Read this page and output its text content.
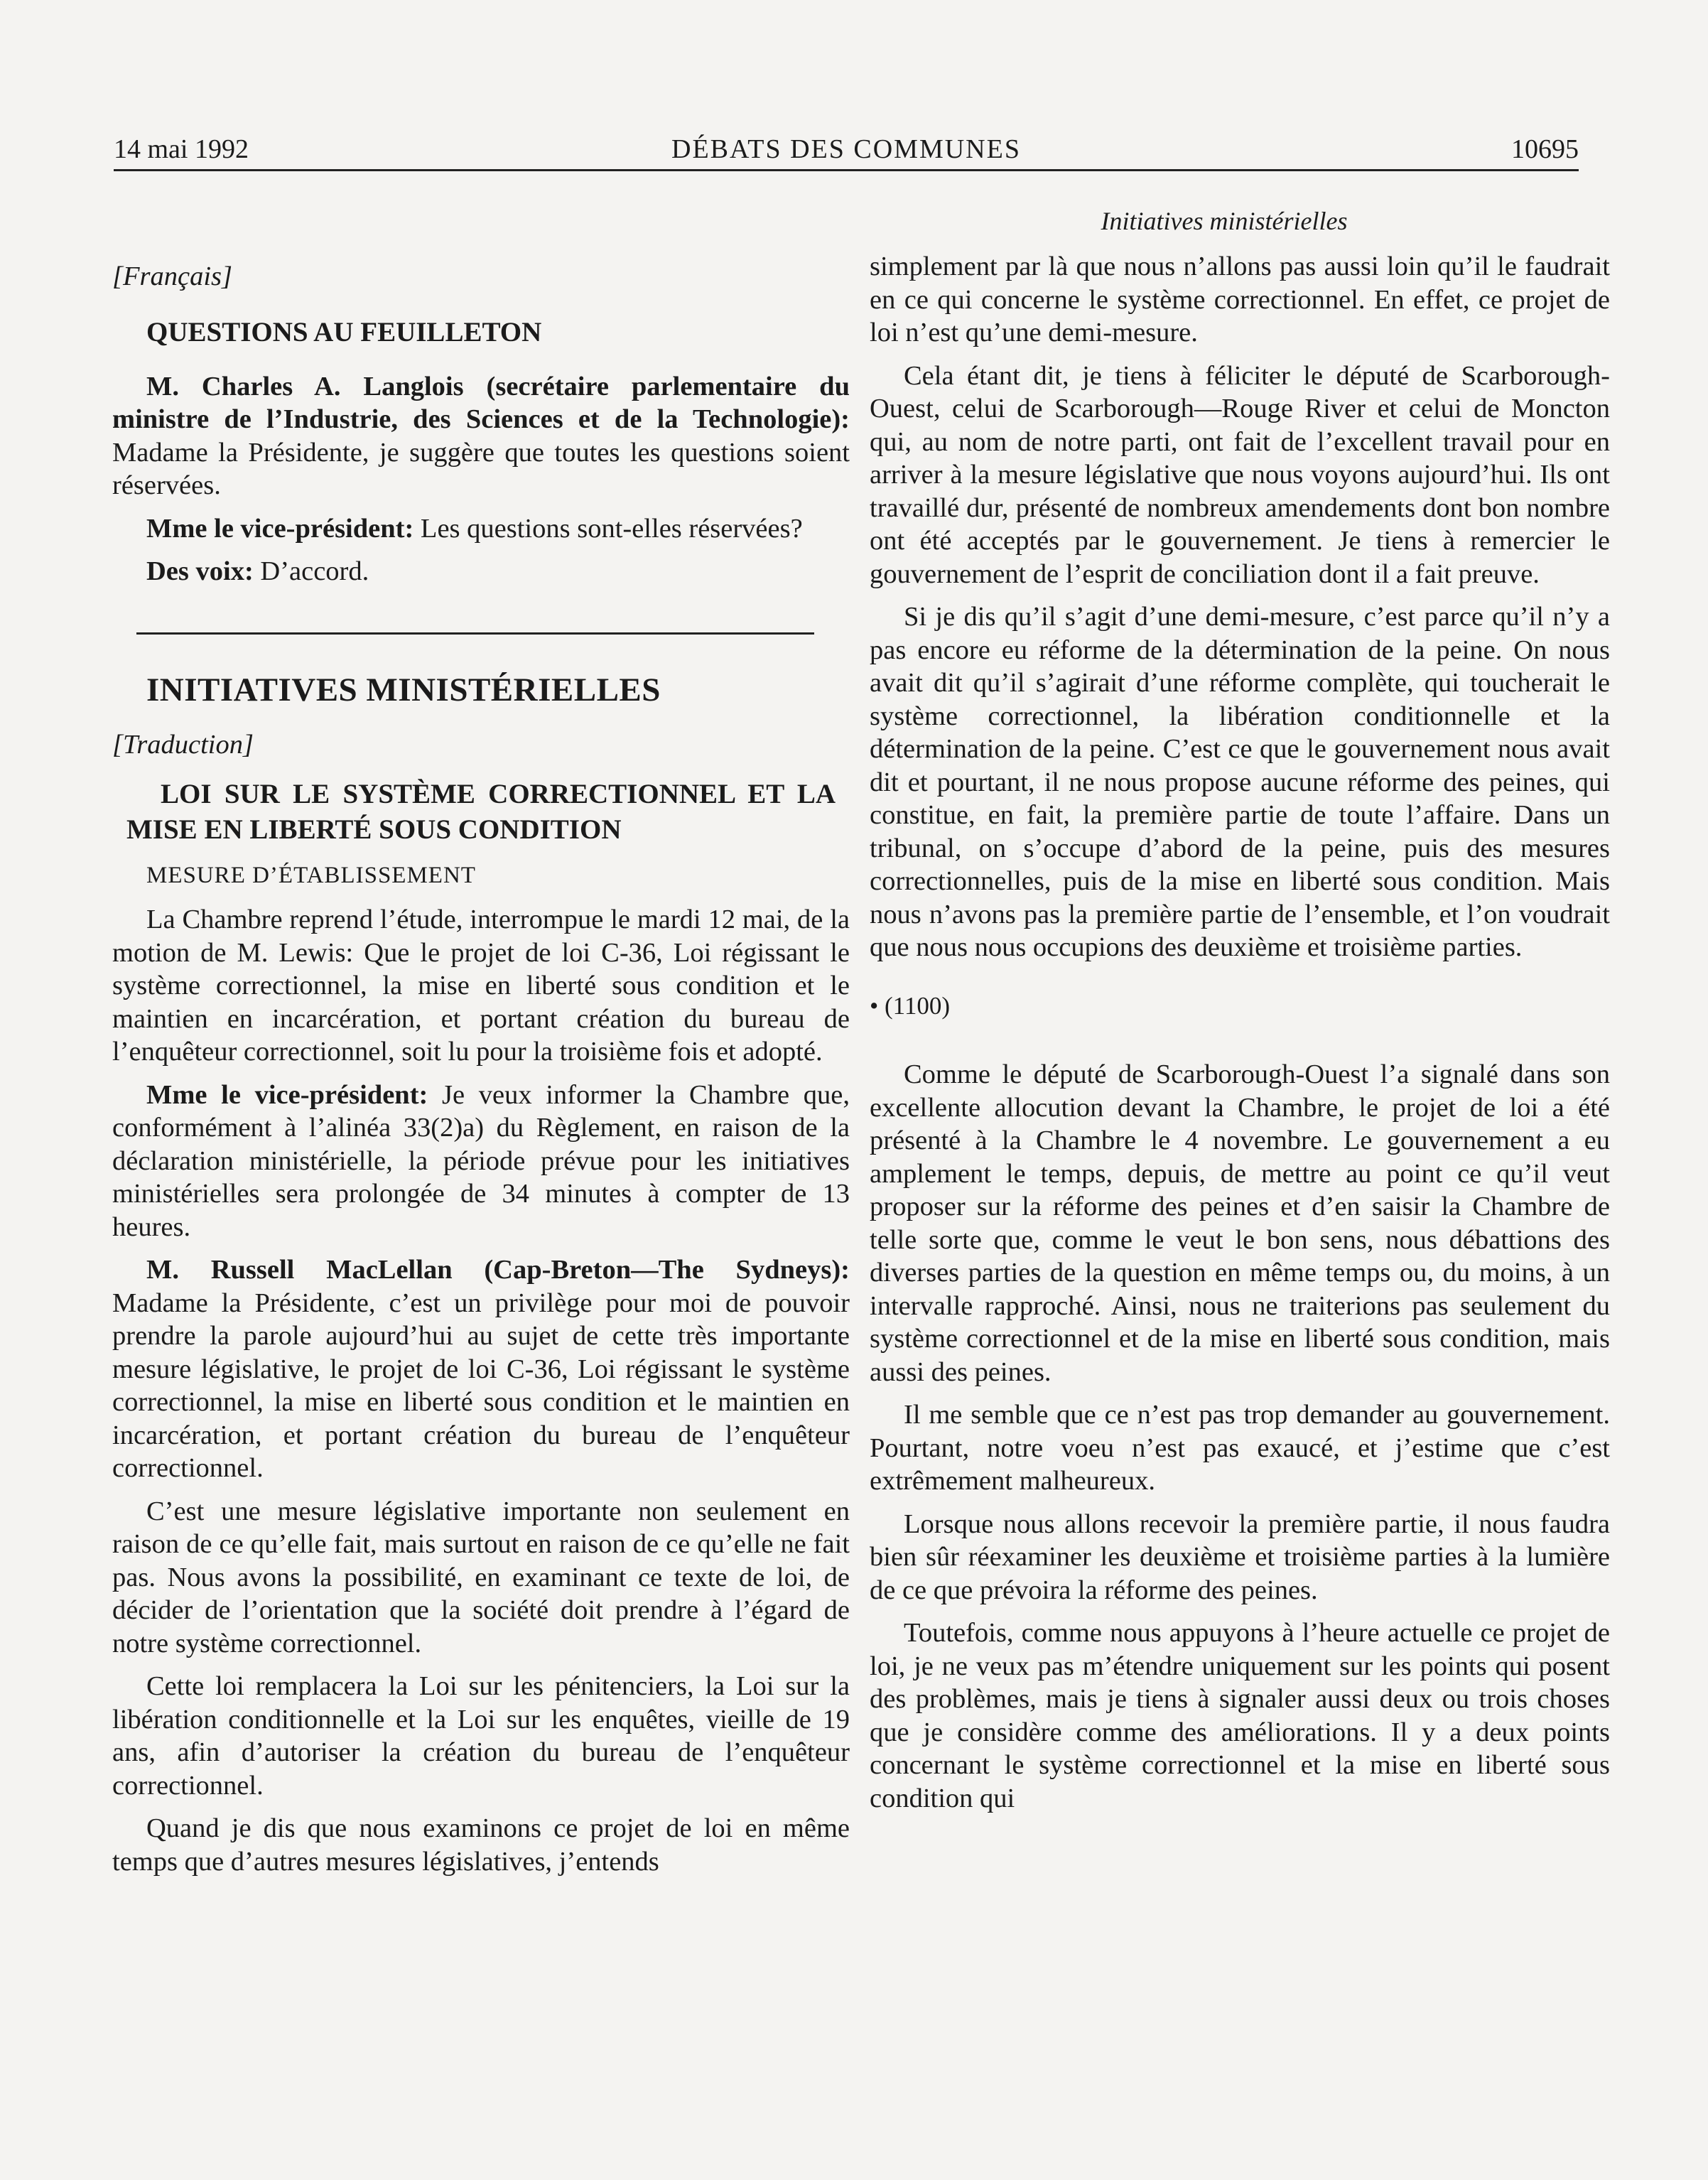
14 mai 1992	DÉBATS DES COMMUNES	10695
Initiatives ministérielles

[Français]

QUESTIONS AU FEUILLETON

M. Charles A. Langlois (secrétaire parlementaire du ministre de l’Industrie, des Sciences et de la Technologie): Madame la Présidente, je suggère que toutes les questions soient réservées.

Mme le vice-président: Les questions sont-elles réservées?

Des voix: D’accord.

INITIATIVES MINISTÉRIELLES

[Traduction]

LOI SUR LE SYSTÈME CORRECTIONNEL ET LA MISE EN LIBERTÉ SOUS CONDITION

MESURE D’ÉTABLISSEMENT

La Chambre reprend l’étude, interrompue le mardi 12 mai, de la motion de M. Lewis: Que le projet de loi C-36, Loi régissant le système correctionnel, la mise en liberté sous condition et le maintien en incarcération, et portant création du bureau de l’enquêteur correctionnel, soit lu pour la troisième fois et adopté.

Mme le vice-président: Je veux informer la Chambre que, conformément à l’alinéa 33(2)a) du Règlement, en raison de la déclaration ministérielle, la période prévue pour les initiatives ministérielles sera prolongée de 34 minutes à compter de 13 heures.

M. Russell MacLellan (Cap-Breton—The Sydneys): Madame la Présidente, c’est un privilège pour moi de pouvoir prendre la parole aujourd’hui au sujet de cette très importante mesure législative, le projet de loi C-36, Loi régissant le système correctionnel, la mise en liberté sous condition et le maintien en incarcération, et portant création du bureau de l’enquêteur correctionnel.

C’est une mesure législative importante non seulement en raison de ce qu’elle fait, mais surtout en raison de ce qu’elle ne fait pas. Nous avons la possibilité, en examinant ce texte de loi, de décider de l’orientation que la société doit prendre à l’égard de notre système correctionnel.

Cette loi remplacera la Loi sur les pénitenciers, la Loi sur la libération conditionnelle et la Loi sur les enquêtes, vieille de 19 ans, afin d’autoriser la création du bureau de l’enquêteur correctionnel.

Quand je dis que nous examinons ce projet de loi en même temps que d’autres mesures législatives, j’entends

simplement par là que nous n’allons pas aussi loin qu’il le faudrait en ce qui concerne le système correctionnel. En effet, ce projet de loi n’est qu’une demi-mesure.

Cela étant dit, je tiens à féliciter le député de Scarborough-Ouest, celui de Scarborough—Rouge River et celui de Moncton qui, au nom de notre parti, ont fait de l’excellent travail pour en arriver à la mesure législative que nous voyons aujourd’hui. Ils ont travaillé dur, présenté de nombreux amendements dont bon nombre ont été acceptés par le gouvernement. Je tiens à remercier le gouvernement de l’esprit de conciliation dont il a fait preuve.

Si je dis qu’il s’agit d’une demi-mesure, c’est parce qu’il n’y a pas encore eu réforme de la détermination de la peine. On nous avait dit qu’il s’agirait d’une réforme complète, qui toucherait le système correctionnel, la libération conditionnelle et la détermination de la peine. C’est ce que le gouvernement nous avait dit et pourtant, il ne nous propose aucune réforme des peines, qui constitue, en fait, la première partie de toute l’affaire. Dans un tribunal, on s’occupe d’abord de la peine, puis des mesures correctionnelles, puis de la mise en liberté sous condition. Mais nous n’avons pas la première partie de l’ensemble, et l’on voudrait que nous nous occupions des deuxième et troisième parties.

• (1100)

Comme le député de Scarborough-Ouest l’a signalé dans son excellente allocution devant la Chambre, le projet de loi a été présenté à la Chambre le 4 novembre. Le gouvernement a eu amplement le temps, depuis, de mettre au point ce qu’il veut proposer sur la réforme des peines et d’en saisir la Chambre de telle sorte que, comme le veut le bon sens, nous débattions des diverses parties de la question en même temps ou, du moins, à un intervalle rapproché. Ainsi, nous ne traiterions pas seulement du système correctionnel et de la mise en liberté sous condition, mais aussi des peines.

Il me semble que ce n’est pas trop demander au gouvernement. Pourtant, notre voeu n’est pas exaucé, et j’estime que c’est extrêmement malheureux.

Lorsque nous allons recevoir la première partie, il nous faudra bien sûr réexaminer les deuxième et troisième parties à la lumière de ce que prévoira la réforme des peines.

Toutefois, comme nous appuyons à l’heure actuelle ce projet de loi, je ne veux pas m’étendre uniquement sur les points qui posent des problèmes, mais je tiens à signaler aussi deux ou trois choses que je considère comme des améliorations. Il y a deux points concernant le système correctionnel et la mise en liberté sous condition qui
